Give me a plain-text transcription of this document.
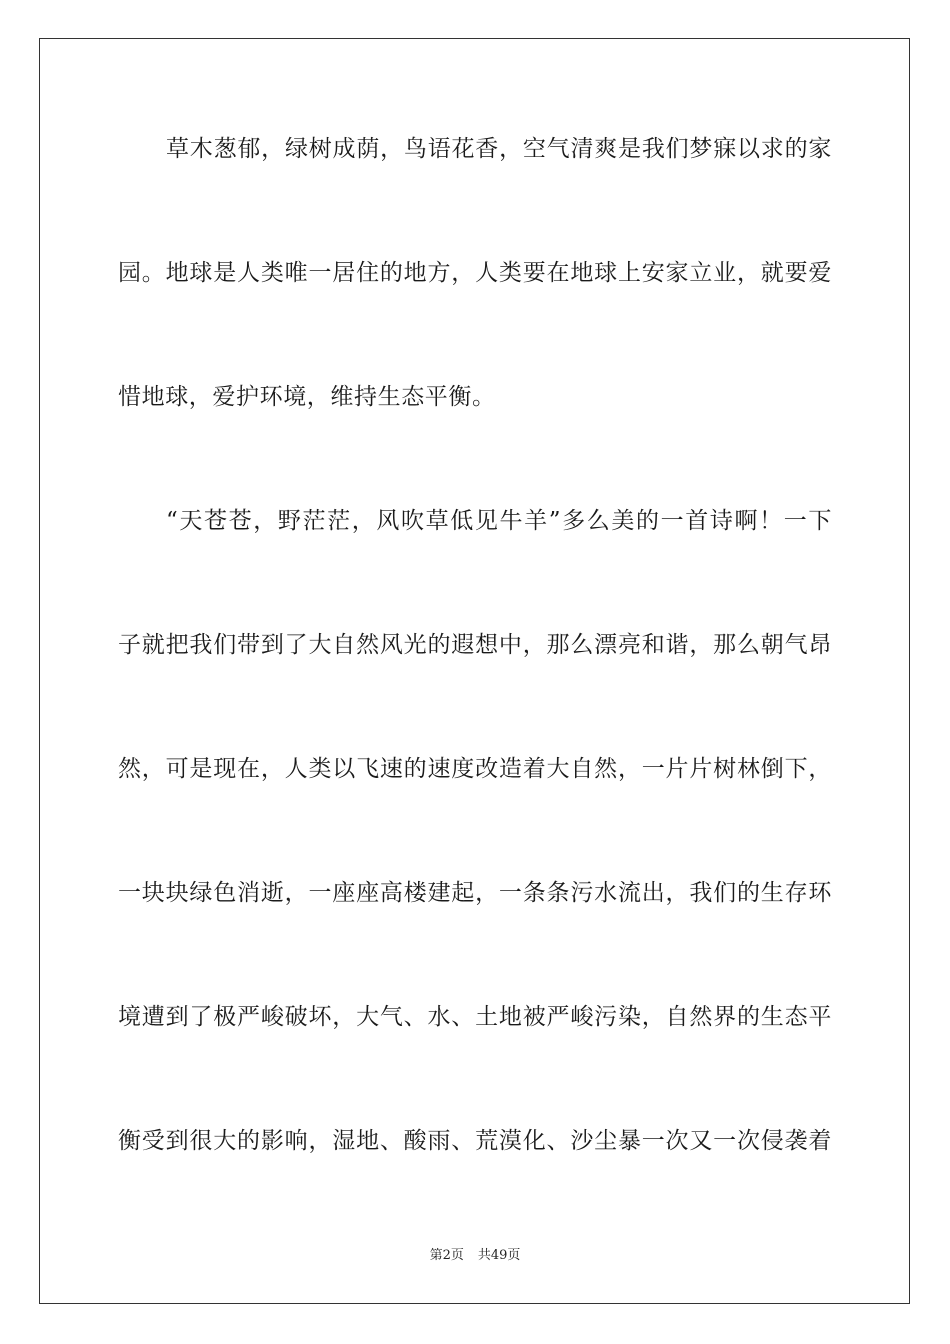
草木葱郁，绿树成荫，鸟语花香，空气清爽是我们梦寐以求的家
园。地球是人类唯一居住的地方，人类要在地球上安家立业，就要爱
惜地球，爱护环境，维持生态平衡。
“天苍苍，野茫茫，风吹草低见牛羊”多么美的一首诗啊！一下
子就把我们带到了大自然风光的遐想中，那么漂亮和谐，那么朝气昂
然，可是现在，人类以飞速的速度改造着大自然，一片片树林倒下，
一块块绿色消逝，一座座高楼建起，一条条污水流出，我们的生存环
境遭到了极严峻破坏，大气、水、土地被严峻污染，自然界的生态平
衡受到很大的影响，湿地、酸雨、荒漠化、沙尘暴一次又一次侵袭着
第2页 共49页
